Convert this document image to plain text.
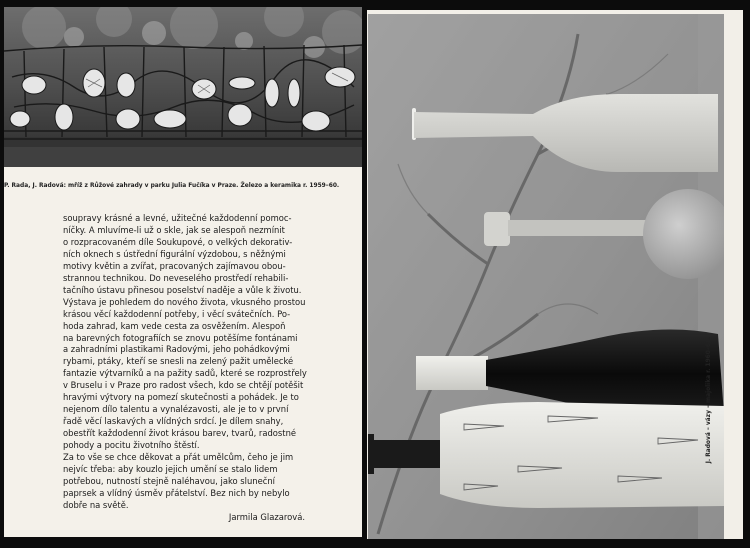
P. Rada, J. Radová: mříž z Růžové zahrady v parku Julia Fučíka v Praze. Železo a keramika r. 1959–60.
soupravy krásné a levné, užitečné každodenní pomoc-
níčky. A mluvíme-li už o skle, jak se alespoň nezmínit
o rozpracovaném díle Soukupové, o velkých dekorativ-
ních oknech s ústřední figurální výzdobou, s něžnými
motivy květin a zvířat, pracovaných zajímavou obou-
strannou technikou. Do neveselého prostředí rehabili-
tačního ústavu přinesou poselství naděje a vůle k životu.
Výstava je pohledem do nového života, vkusného prostou
krásou věcí každodenní potřeby, i věcí svátečních. Po-
hoda zahrad, kam vede cesta za osvěžením. Alespoň
na barevných fotografiích se znovu potěšíme fontánami
a zahradními plastikami Radovými, jeho pohádkovými
rybami, ptáky, kteří se snesli na zelený pažit umělecké
fantazie výtvarníků a na pažity sadů, které se rozprostřely
v Bruselu i v Praze pro radost všech, kdo se chtějí potěšit
hravými výtvory na pomezí skutečnosti a pohádek. Je to
nejenom dílo talentu a vynalézavosti, ale je to v první
řadě věcí laskavých a vlídných srdcí. Je dílem snahy,
obestřít každodenní život krásou barev, tvarů, radostné
pohody a pocitu životního štěstí.
Za to vše se chce děkovat a přát umělcům, čeho je jim
nejvíc třeba: aby kouzlo jejich umění se stalo lidem
potřebou, nutností stejně naléhavou, jako sluneční
paprsek a vlídný úsměv přátelství. Bez nich by nebylo
dobře na světě.
Jarmila Glazarová.
J. Radová – vázy – majolika r. 1960–61.
